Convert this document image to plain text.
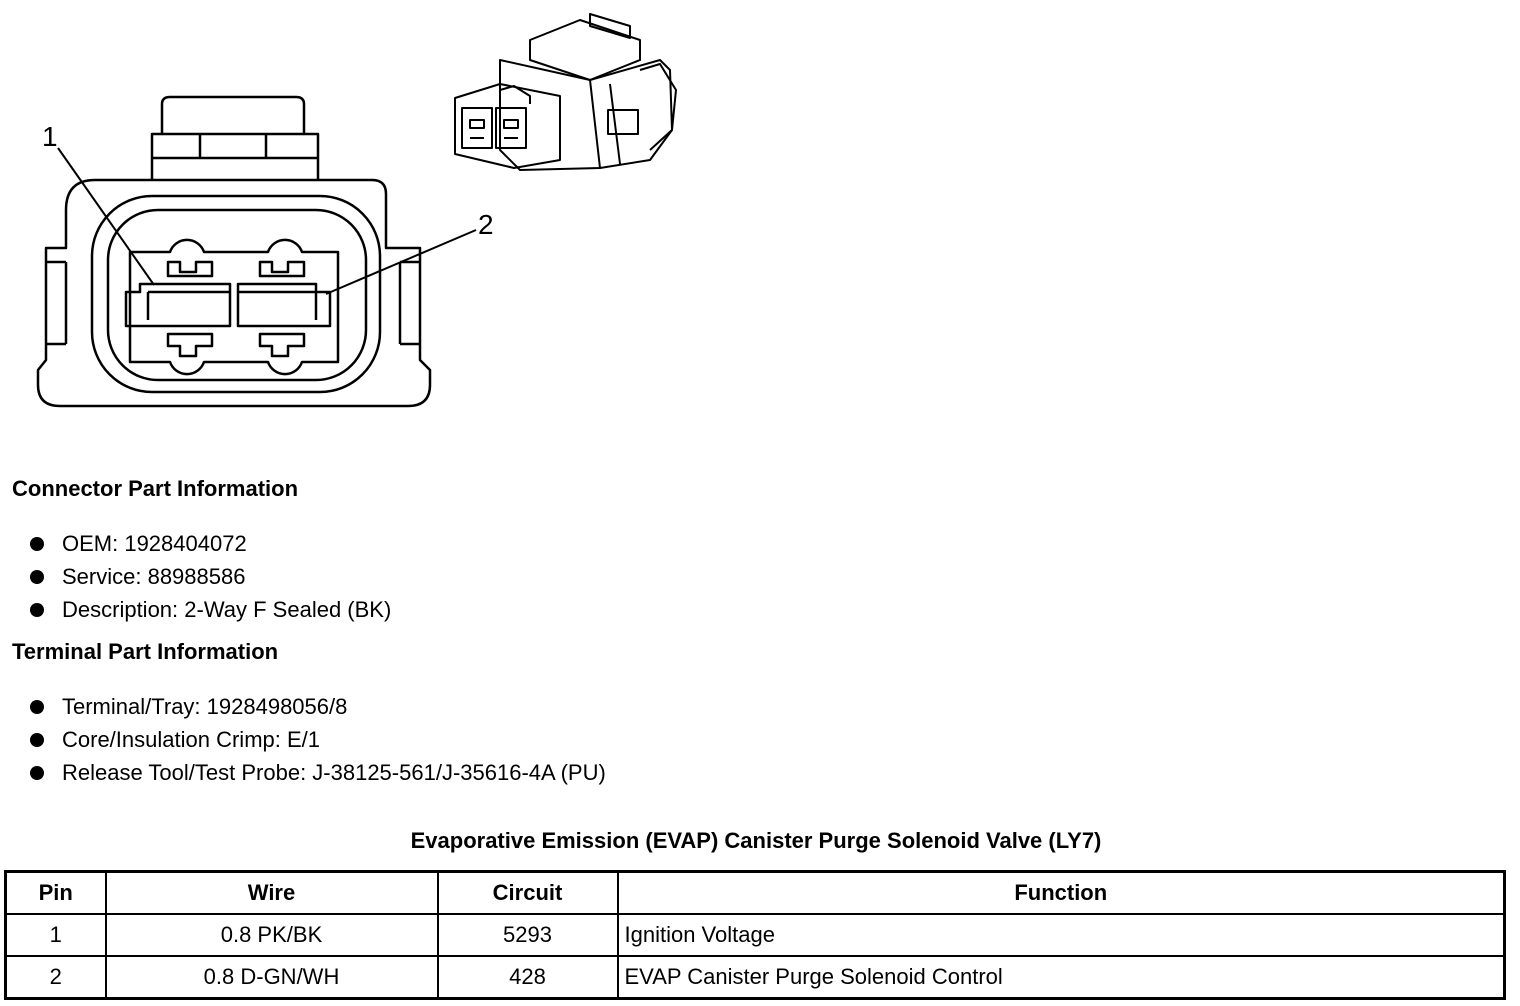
1
2
Connector Part Information
OEM: 1928404072
Service: 88988586
Description: 2-Way F Sealed (BK)
Terminal Part Information
Terminal/Tray: 1928498056/8
Core/Insulation Crimp: E/1
Release Tool/Test Probe: J-38125-561/J-35616-4A (PU)
Evaporative Emission (EVAP) Canister Purge Solenoid Valve (LY7)
Pin	Wire	Circuit	Function
1	0.8 PK/BK	5293	Ignition Voltage
2	0.8 D-GN/WH	428	EVAP Canister Purge Solenoid Control
